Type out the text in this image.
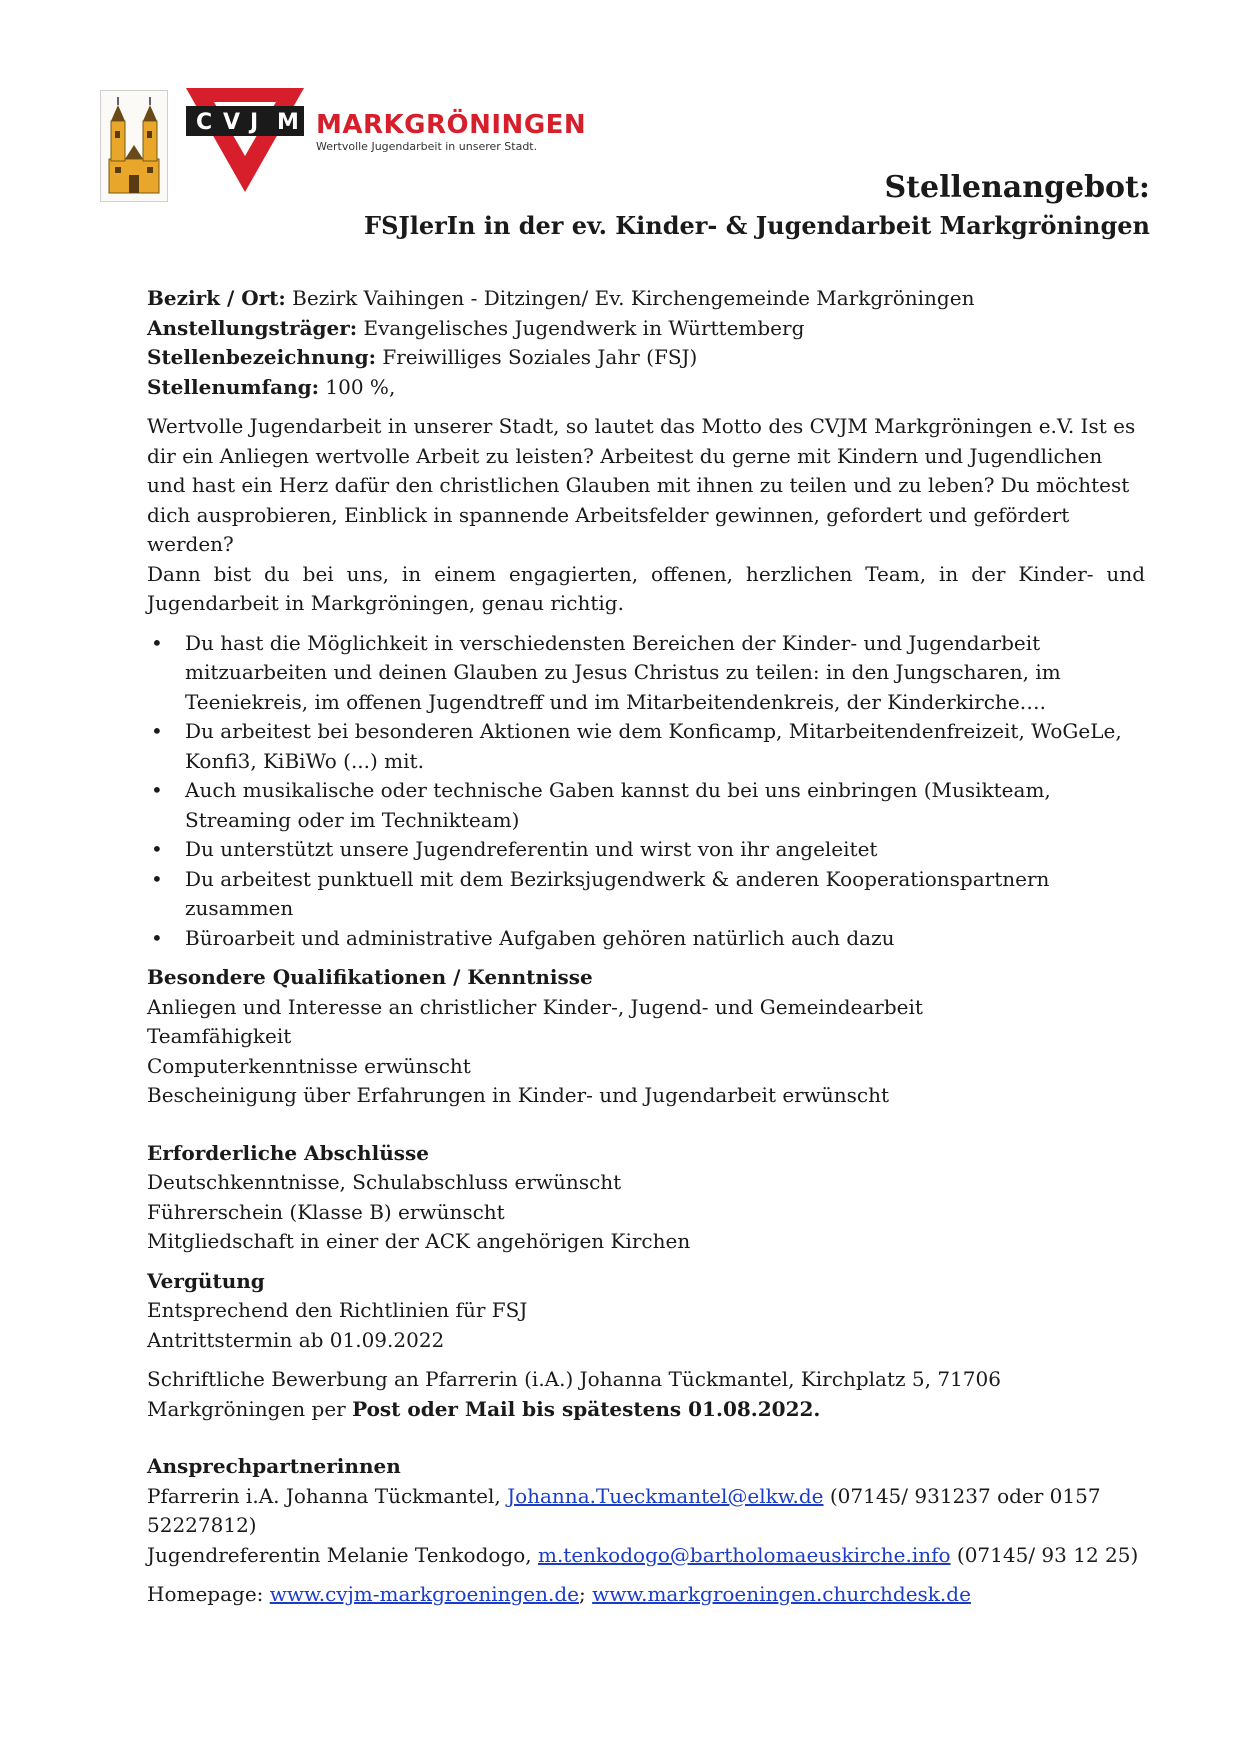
C V J M MARKGRÖNINGEN
Wertvolle Jugendarbeit in unserer Stadt.
Stellenangebot:
FSJlerIn in der ev. Kinder- & Jugendarbeit Markgröningen

Bezirk / Ort: Bezirk Vaihingen - Ditzingen/ Ev. Kirchengemeinde Markgröningen

Anstellungsträger: Evangelisches Jugendwerk in Württemberg

Stellenbezeichnung: Freiwilliges Soziales Jahr (FSJ)

Stellenumfang: 100 %,

Wertvolle Jugendarbeit in unserer Stadt, so lautet das Motto des CVJM Markgröningen e.V. Ist es dir ein Anliegen wertvolle Arbeit zu leisten? Arbeitest du gerne mit Kindern und Jugendlichen und hast ein Herz dafür den christlichen Glauben mit ihnen zu teilen und zu leben? Du möchtest dich ausprobieren, Einblick in spannende Arbeitsfelder gewinnen, gefordert und gefördert werden?

Dann bist du bei uns, in einem engagierten, offenen, herzlichen Team, in der Kinder- und Jugendarbeit in Markgröningen, genau richtig.

• Du hast die Möglichkeit in verschiedensten Bereichen der Kinder- und Jugendarbeit mitzuarbeiten und deinen Glauben zu Jesus Christus zu teilen: in den Jungscharen, im Teeniekreis, im offenen Jugendtreff und im Mitarbeitendenkreis, der Kinderkirche….
• Du arbeitest bei besonderen Aktionen wie dem Konficamp, Mitarbeitendenfreizeit, WoGeLe, Konfi3, KiBiWo (...) mit.
• Auch musikalische oder technische Gaben kannst du bei uns einbringen (Musikteam, Streaming oder im Technikteam)
• Du unterstützt unsere Jugendreferentin und wirst von ihr angeleitet
• Du arbeitest punktuell mit dem Bezirksjugendwerk & anderen Kooperationspartnern zusammen
• Büroarbeit und administrative Aufgaben gehören natürlich auch dazu

Besondere Qualifikationen / Kenntnisse

Anliegen und Interesse an christlicher Kinder-, Jugend- und Gemeindearbeit

Teamfähigkeit

Computerkenntnisse erwünscht

Bescheinigung über Erfahrungen in Kinder- und Jugendarbeit erwünscht

Erforderliche Abschlüsse

Deutschkenntnisse, Schulabschluss erwünscht

Führerschein (Klasse B) erwünscht

Mitgliedschaft in einer der ACK angehörigen Kirchen

Vergütung

Entsprechend den Richtlinien für FSJ

Antrittstermin ab 01.09.2022

Schriftliche Bewerbung an Pfarrerin (i.A.) Johanna Tückmantel, Kirchplatz 5, 71706 Markgröningen per Post oder Mail bis spätestens 01.08.2022.

Ansprechpartnerinnen

Pfarrerin i.A. Johanna Tückmantel, Johanna.Tueckmantel@elkw.de (07145/ 931237 oder 0157 52227812)

Jugendreferentin Melanie Tenkodogo, m.tenkodogo@bartholomaeuskirche.info (07145/ 93 12 25)

Homepage: www.cvjm-markgroeningen.de; www.markgroeningen.churchdesk.de
